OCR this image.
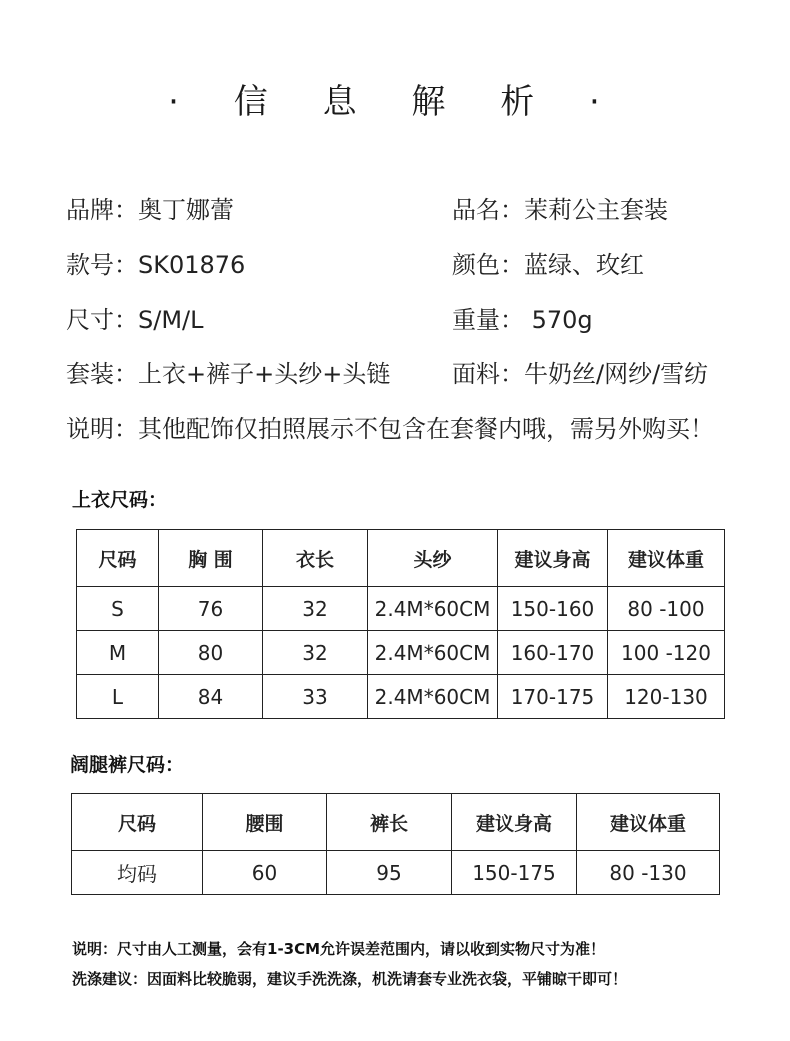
· 信 息 解 析 ·
品牌：奥丁娜蕾	品名：茉莉公主套装
款号：SK01876	颜色：蓝绿、玫红
尺寸：S/M/L	重量： 570g
套装：上衣+裤子+头纱+头链	面料：牛奶丝/网纱/雪纺
说明：其他配饰仅拍照展示不包含在套餐内哦，需另外购买！
上衣尺码：
尺码	胸 围	衣长	头纱	建议身高	建议体重
S	76	32	2.4M*60CM	150-160	80 -100
M	80	32	2.4M*60CM	160-170	100 -120
L	84	33	2.4M*60CM	170-175	120-130
阔腿裤尺码：
尺码	腰围	裤长	建议身高	建议体重
均码	60	95	150-175	80 -130
说明：尺寸由人工测量，会有1-3CM允许误差范围内，请以收到实物尺寸为准！
洗涤建议：因面料比较脆弱，建议手洗洗涤，机洗请套专业洗衣袋，平铺晾干即可！
